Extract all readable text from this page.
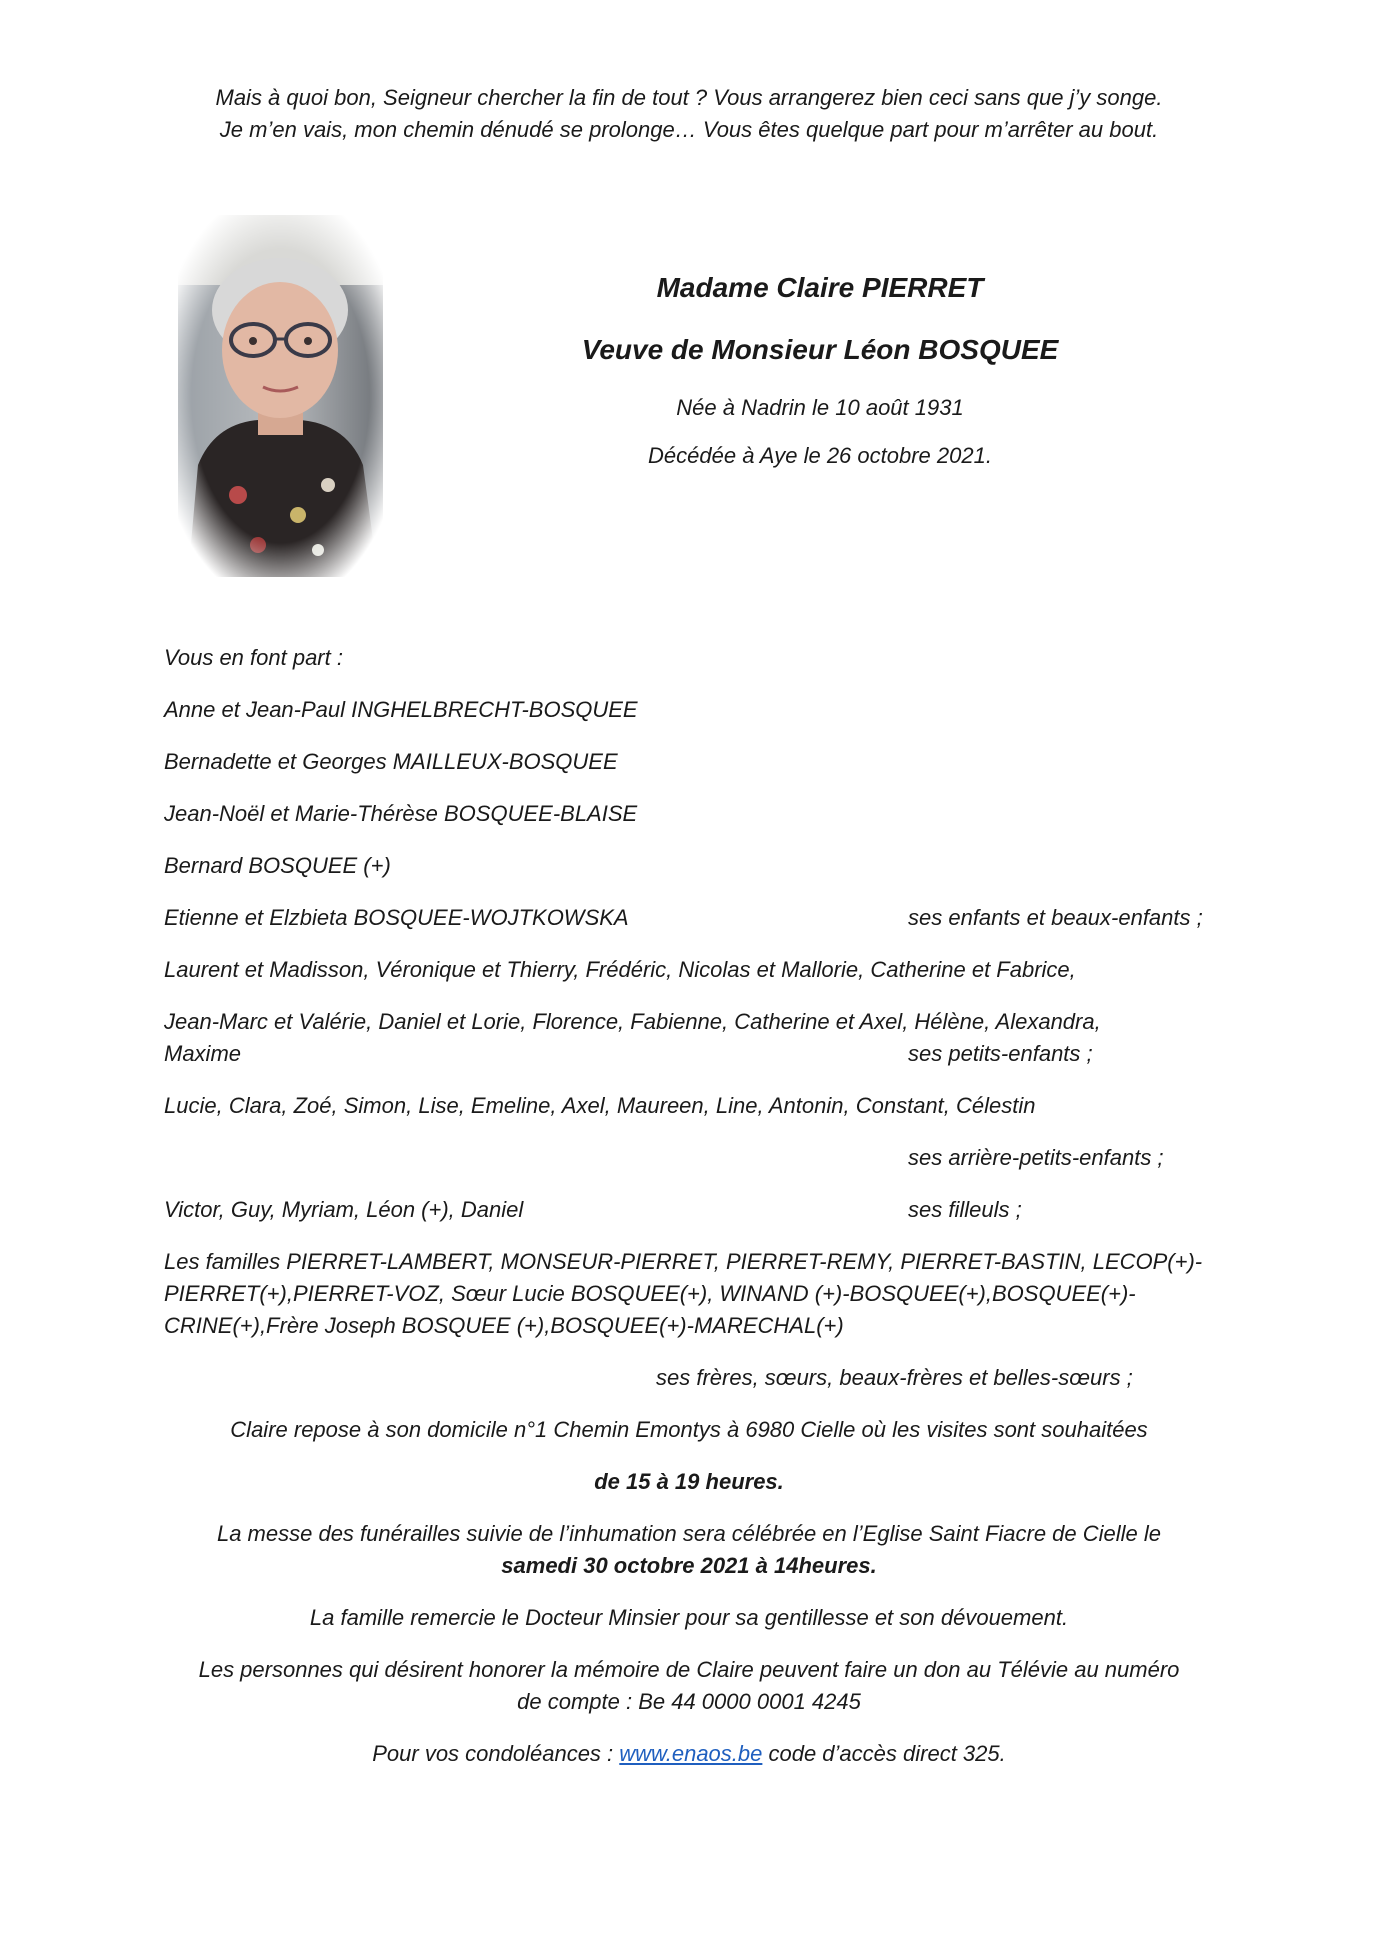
Mais à quoi bon, Seigneur chercher la fin de tout ? Vous arrangerez bien ceci sans que j’y songe.
Je m’en vais, mon chemin dénudé se prolonge… Vous êtes quelque part pour m’arrêter au bout.
Madame Claire PIERRET
Veuve de Monsieur Léon BOSQUEE
Née à Nadrin le 10 août 1931
Décédée à Aye le 26 octobre 2021.
Vous en font part :
Anne et Jean-Paul INGHELBRECHT-BOSQUEE
Bernadette et Georges MAILLEUX-BOSQUEE
Jean-Noël et Marie-Thérèse BOSQUEE-BLAISE
Bernard BOSQUEE (+)
Etienne et Elzbieta BOSQUEE-WOJTKOWSKA	ses enfants et beaux-enfants ;
Laurent et Madisson, Véronique et Thierry, Frédéric, Nicolas et Mallorie, Catherine et Fabrice,
Jean-Marc et Valérie, Daniel et Lorie, Florence, Fabienne, Catherine et Axel, Hélène, Alexandra,
Maxime	ses petits-enfants ;
Lucie, Clara, Zoé, Simon, Lise, Emeline, Axel, Maureen, Line, Antonin, Constant, Célestin
ses arrière-petits-enfants ;
Victor, Guy, Myriam, Léon (+), Daniel	ses filleuls ;
Les familles PIERRET-LAMBERT, MONSEUR-PIERRET, PIERRET-REMY, PIERRET-BASTIN, LECOP(+)-
PIERRET(+),PIERRET-VOZ, Sœur Lucie BOSQUEE(+), WINAND (+)-BOSQUEE(+),BOSQUEE(+)-
CRINE(+),Frère Joseph BOSQUEE (+),BOSQUEE(+)-MARECHAL(+)
ses frères, sœurs, beaux-frères et belles-sœurs ;
Claire repose à son domicile n°1 Chemin Emontys à 6980 Cielle où les visites sont souhaitées
de 15 à 19 heures.
La messe des funérailles suivie de l’inhumation sera célébrée en l’Eglise Saint Fiacre de Cielle le
samedi 30 octobre 2021 à 14heures.
La famille remercie le Docteur Minsier pour sa gentillesse et son dévouement.
Les personnes qui désirent honorer la mémoire de Claire peuvent faire un don au Télévie au numéro
de compte : Be 44 0000 0001 4245
Pour vos condoléances : www.enaos.be code d’accès direct 325.
